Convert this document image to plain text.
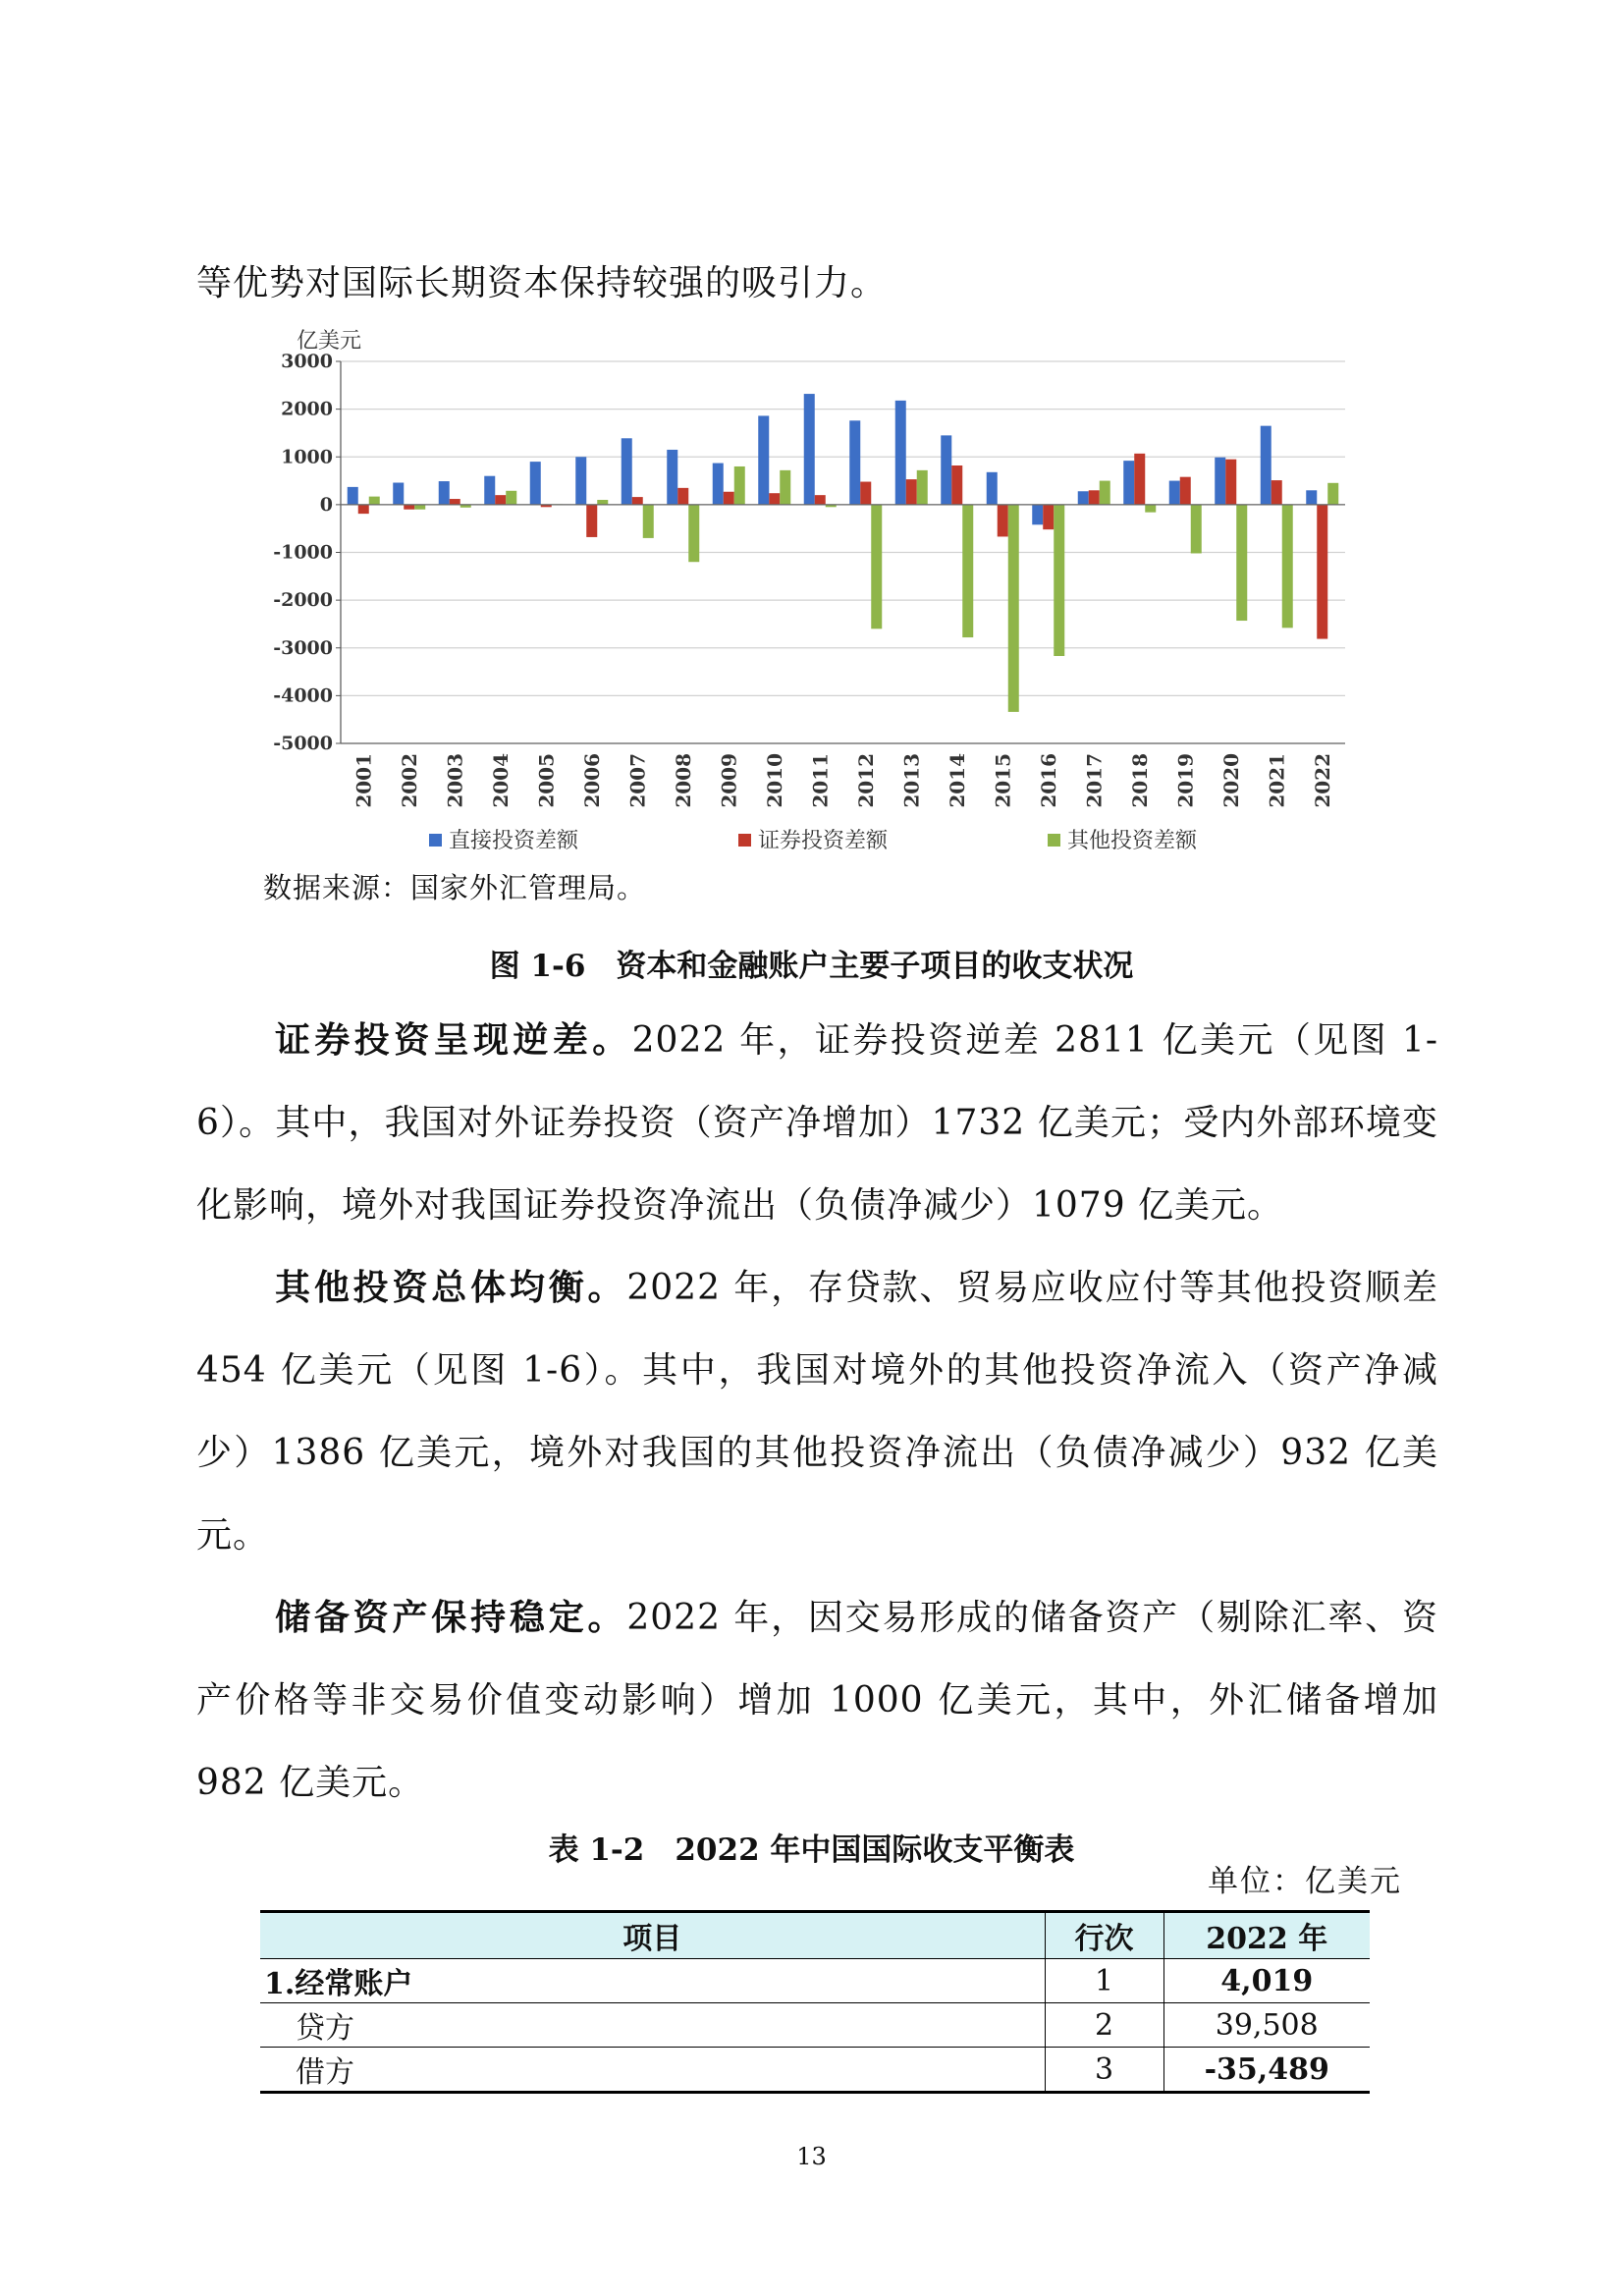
等优势对国际长期资本保持较强的吸引力。

亿美元
3000
2000
1000
0
-1000
-2000
-3000
-4000
-5000
2001 2002 2003 2004 2005 2006 2007 2008 2009 2010 2011 2012 2013 2014 2015 2016 2017 2018 2019 2020 2021 2022
直接投资差额	证券投资差额	其他投资差额
数据来源：国家外汇管理局。
图 1-6　资本和金融账户主要子项目的收支状况

证券投资呈现逆差。2022 年，证券投资逆差 2811 亿美元（见图 1-6）。其中，我国对外证券投资（资产净增加）1732 亿美元；受内外部环境变化影响，境外对我国证券投资净流出（负债净减少）1079 亿美元。

其他投资总体均衡。2022 年，存贷款、贸易应收应付等其他投资顺差 454 亿美元（见图 1-6）。其中，我国对境外的其他投资净流入（资产净减少）1386 亿美元，境外对我国的其他投资净流出（负债净减少）932 亿美元。

储备资产保持稳定。2022 年，因交易形成的储备资产（剔除汇率、资产价格等非交易价值变动影响）增加 1000 亿美元，其中，外汇储备增加 982 亿美元。

表 1-2　2022 年中国国际收支平衡表
单位：亿美元
项目	行次	2022 年
1.经常账户	1	4,019
贷方	2	39,508
借方	3	-35,489
13
